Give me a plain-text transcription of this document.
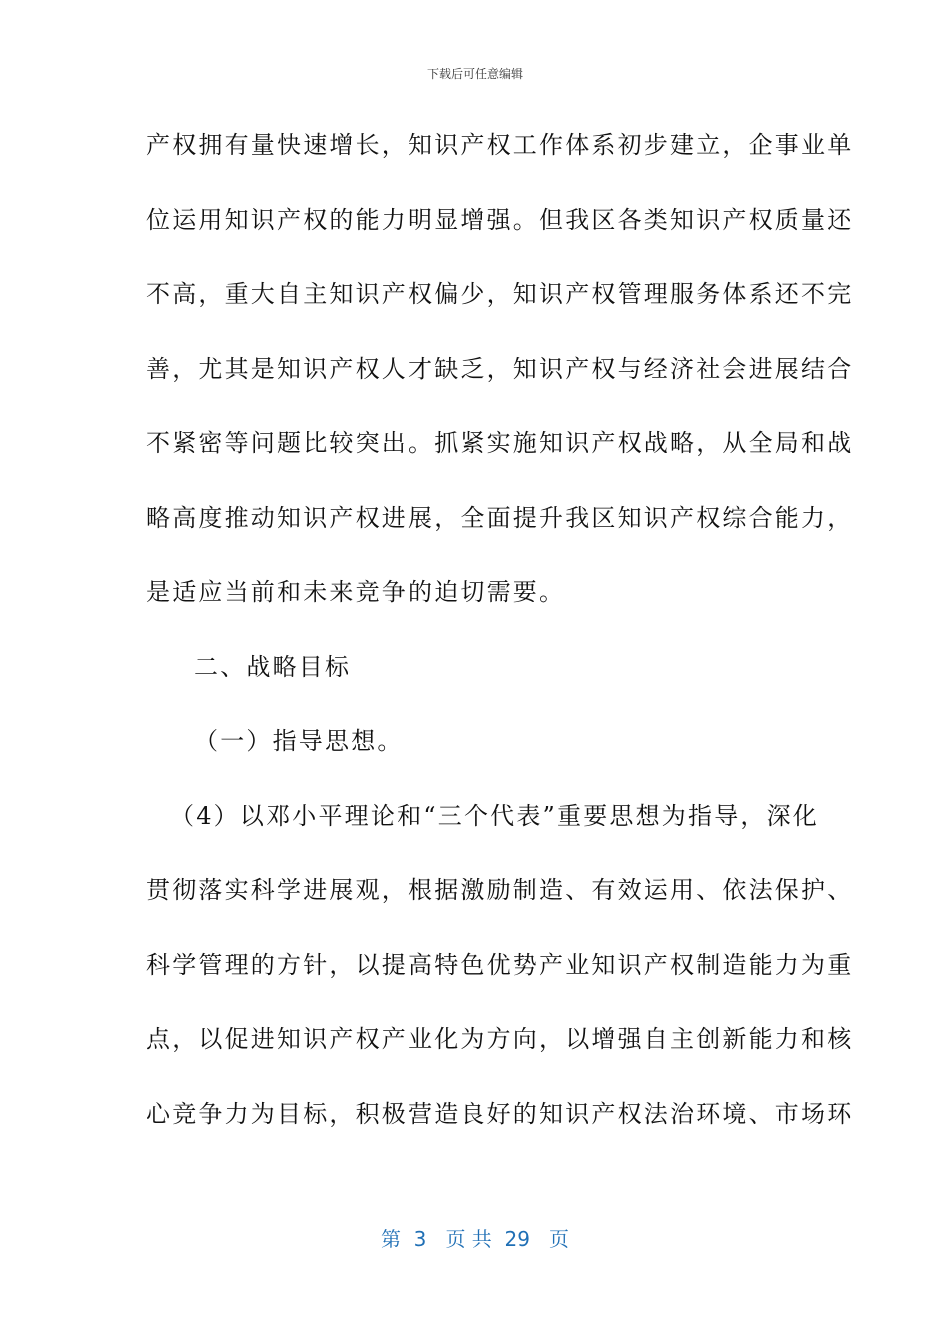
下载后可任意编辑
产权拥有量快速增长，知识产权工作体系初步建立，企事业单
位运用知识产权的能力明显增强。但我区各类知识产权质量还
不高，重大自主知识产权偏少，知识产权管理服务体系还不完
善，尤其是知识产权人才缺乏，知识产权与经济社会进展结合
不紧密等问题比较突出。抓紧实施知识产权战略，从全局和战
略高度推动知识产权进展，全面提升我区知识产权综合能力，
是适应当前和未来竞争的迫切需要。
二、战略目标
（一）指导思想。
（4）以邓小平理论和“三个代表”重要思想为指导，深化
贯彻落实科学进展观，根据激励制造、有效运用、依法保护、
科学管理的方针，以提高特色优势产业知识产权制造能力为重
点，以促进知识产权产业化为方向，以增强自主创新能力和核
心竞争力为目标，积极营造良好的知识产权法治环境、市场环
第  3   页 共  29   页
